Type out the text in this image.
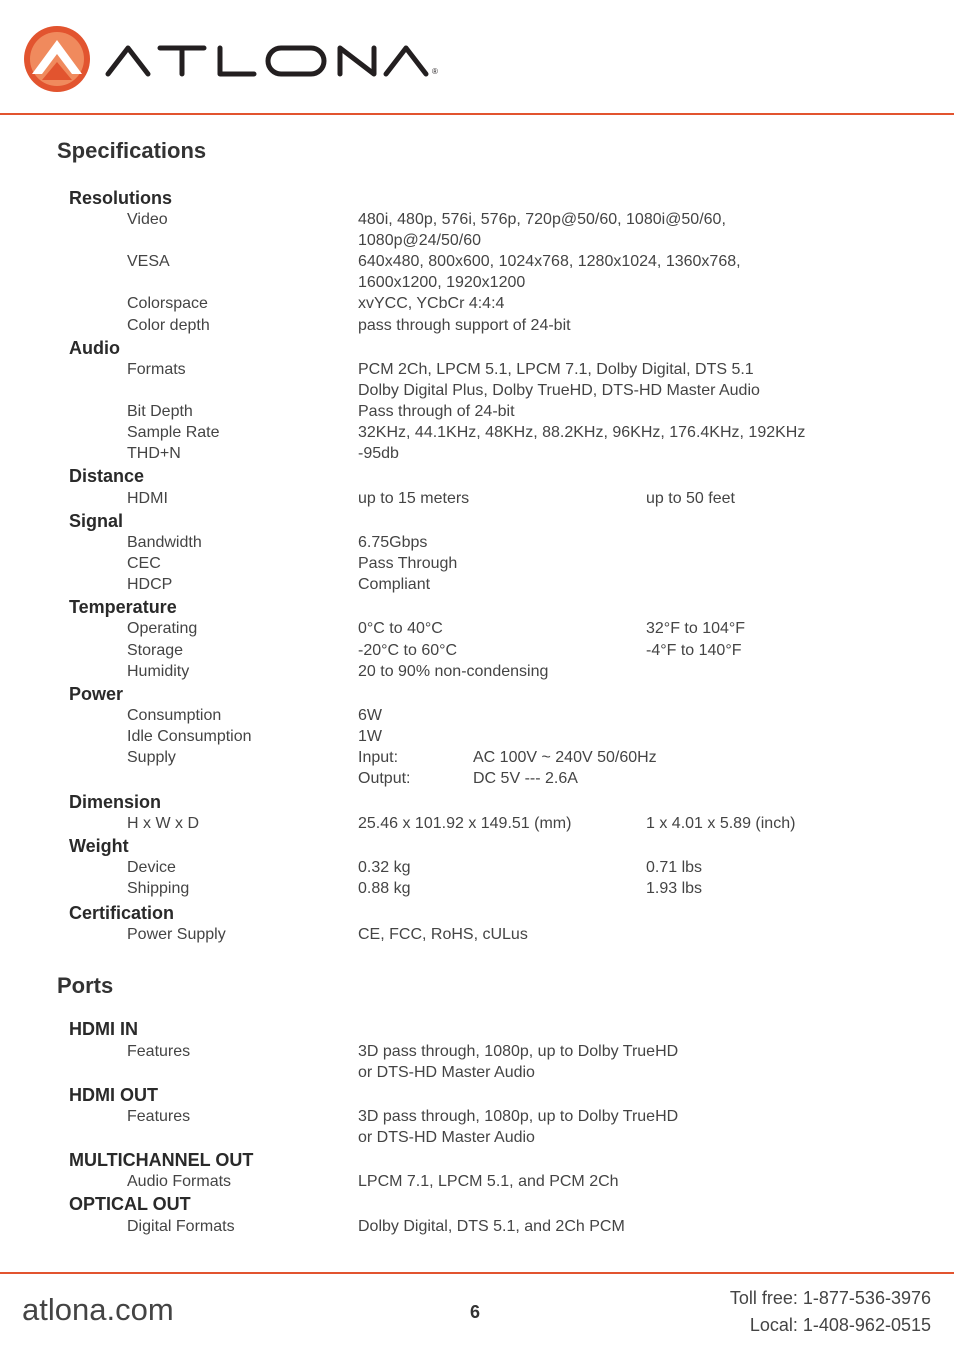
®
Specifications
Resolutions
Video	480i, 480p, 576i, 576p, 720p@50/60, 1080i@50/60,
1080p@24/50/60
VESA	640x480, 800x600, 1024x768, 1280x1024, 1360x768,
1600x1200, 1920x1200
Colorspace	xvYCC, YCbCr 4:4:4
Color depth	pass through support of 24-bit
Audio
Formats	PCM 2Ch, LPCM 5.1, LPCM 7.1, Dolby Digital, DTS 5.1
Dolby Digital Plus, Dolby TrueHD, DTS-HD Master Audio
Bit Depth	Pass through of 24-bit
Sample Rate	32KHz, 44.1KHz, 48KHz, 88.2KHz, 96KHz, 176.4KHz, 192KHz
THD+N	-95db
Distance
HDMI	up to 15 meters	up to 50 feet
Signal
Bandwidth	6.75Gbps
CEC	Pass Through
HDCP	Compliant
Temperature
Operating	0°C to 40°C	32°F to 104°F
Storage	-20°C to 60°C	-4°F to 140°F
Humidity	20 to 90% non-condensing
Power
Consumption	6W
Idle Consumption	1W
Supply	Input:	AC 100V ~ 240V 50/60Hz
Output:	DC 5V --- 2.6A
Dimension
H x W x D	25.46 x 101.92 x 149.51 (mm)	1 x 4.01 x 5.89 (inch)
Weight
Device	0.32 kg	0.71 lbs
Shipping	0.88 kg	1.93 lbs
Certification
Power Supply	CE, FCC, RoHS, cULus
Ports
HDMI IN
Features	3D pass through, 1080p, up to Dolby TrueHD
or DTS-HD Master Audio
HDMI OUT
Features	3D pass through, 1080p, up to Dolby TrueHD
or DTS-HD Master Audio
MULTICHANNEL OUT
Audio Formats	LPCM 7.1, LPCM 5.1, and PCM 2Ch
OPTICAL OUT
Digital Formats	Dolby Digital, DTS 5.1, and 2Ch PCM
atlona.com	6
Toll free: 1-877-536-3976
Local: 1-408-962-0515
